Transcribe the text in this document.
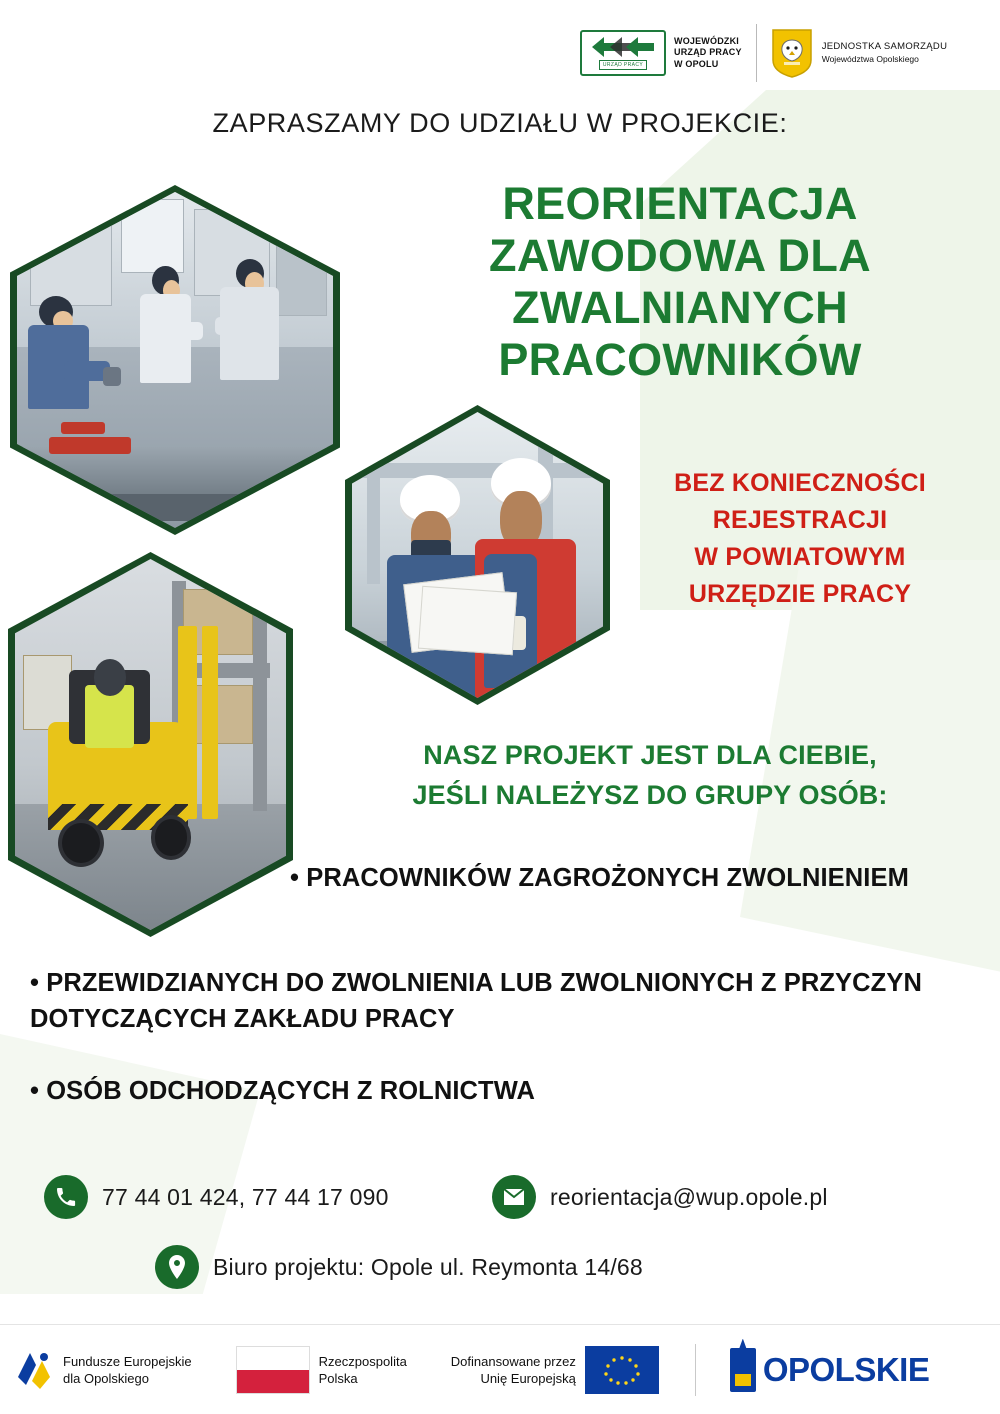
URZĄD PRACY
WOJEWÓDZKI
URZĄD PRACY
W OPOLU
JEDNOSTKA SAMORZĄDU
Województwa Opolskiego
ZAPRASZAMY DO UDZIAŁU W PROJEKCIE:
REORIENTACJA
ZAWODOWA DLA
ZWALNIANYCH
PRACOWNIKÓW
BEZ KONIECZNOŚCI
REJESTRACJI
W POWIATOWYM
URZĘDZIE PRACY
NASZ PROJEKT JEST DLA CIEBIE,
JEŚLI NALEŻYSZ DO GRUPY OSÓB:
• PRACOWNIKÓW ZAGROŻONYCH ZWOLNIENIEM
• PRZEWIDZIANYCH DO ZWOLNIENIA LUB ZWOLNIONYCH Z PRZYCZYN DOTYCZĄCYCH ZAKŁADU PRACY
• OSÓB ODCHODZĄCYCH Z ROLNICTWA
77 44 01 424, 77 44 17 090	reorientacja@wup.opole.pl
Biuro projektu: Opole ul. Reymonta 14/68
Fundusze Europejskie
dla Opolskiego
Rzeczpospolita
Polska
Dofinansowane przez
Unię Europejską	OPOLSKIE
